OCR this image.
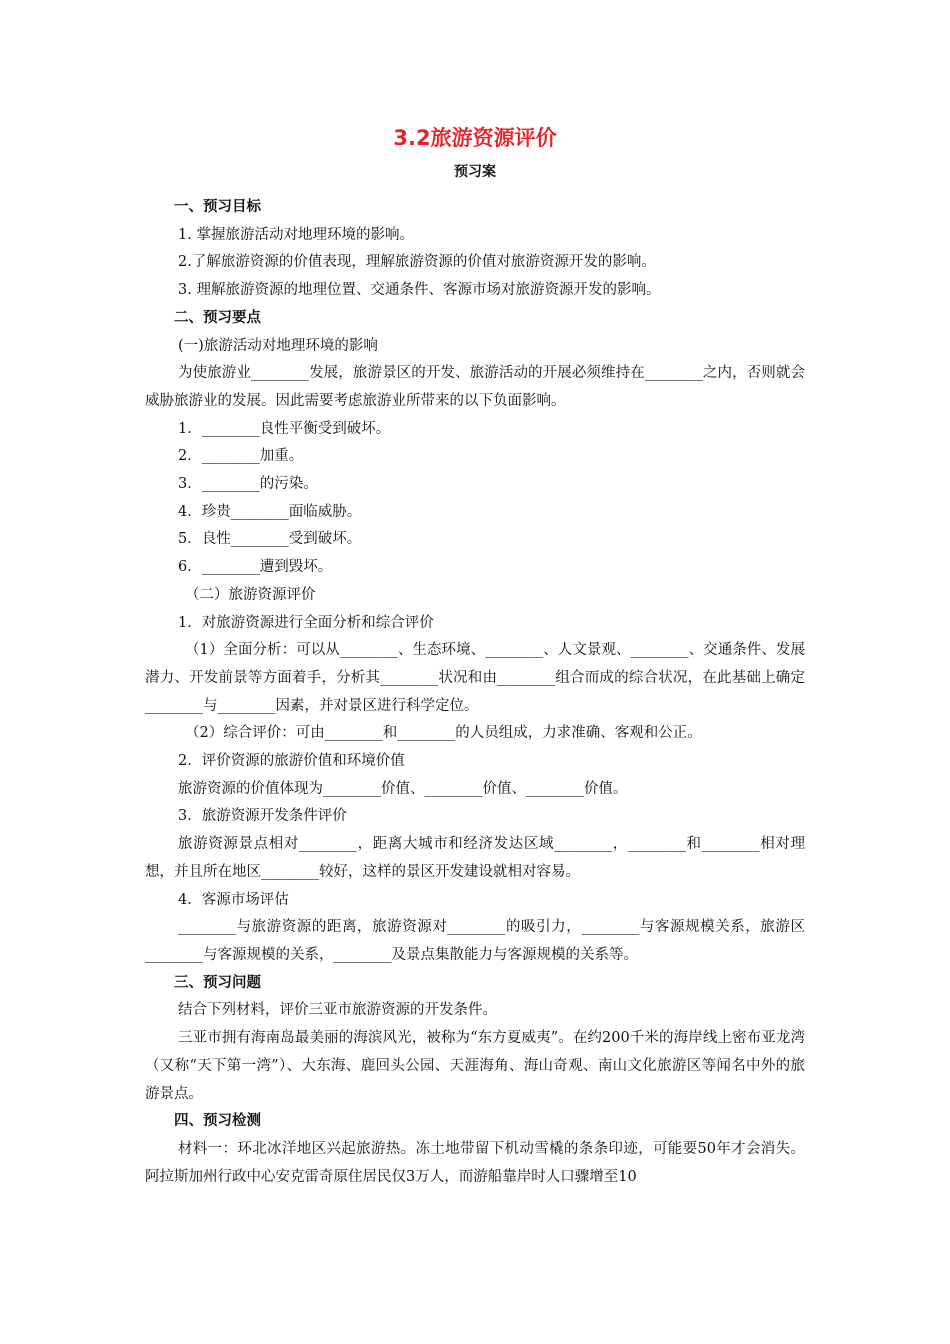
3.2旅游资源评价
预习案

一、预习目标

1. 掌握旅游活动对地理环境的影响。

2.了解旅游资源的价值表现，理解旅游资源的价值对旅游资源开发的影响。

3. 理解旅游资源的地理位置、交通条件、客源市场对旅游资源开发的影响。

二、预习要点

(一)旅游活动对地理环境的影响

为使旅游业________发展，旅游景区的开发、旅游活动的开展必须维持在________之内，否则就会威胁旅游业的发展。因此需要考虑旅游业所带来的以下负面影响。

1．________良性平衡受到破坏。

2．________加重。

3．________的污染。

4．珍贵________面临威胁。

5．良性________受到破坏。

6．________遭到毁坏。

（二）旅游资源评价

1．对旅游资源进行全面分析和综合评价

（1）全面分析：可以从________、生态环境、________、人文景观、________、交通条件、发展潜力、开发前景等方面着手，分析其________状况和由________组合而成的综合状况，在此基础上确定________与________因素，并对景区进行科学定位。

（2）综合评价：可由________和________的人员组成，力求准确、客观和公正。

2．评价资源的旅游价值和环境价值

旅游资源的价值体现为________价值、________价值、________价值。

3．旅游资源开发条件评价

旅游资源景点相对________，距离大城市和经济发达区域________，________和________相对理想，并且所在地区________较好，这样的景区开发建设就相对容易。

4．客源市场评估

________与旅游资源的距离，旅游资源对________的吸引力，________与客源规模关系，旅游区________与客源规模的关系，________及景点集散能力与客源规模的关系等。

三、预习问题

结合下列材料，评价三亚市旅游资源的开发条件。

三亚市拥有海南岛最美丽的海滨风光，被称为“东方夏威夷”。在约200千米的海岸线上密布亚龙湾（又称“天下第一湾”）、大东海、鹿回头公园、天涯海角、海山奇观、南山文化旅游区等闻名中外的旅游景点。

四、预习检测

材料一：环北冰洋地区兴起旅游热。冻土地带留下机动雪橇的条条印迹，可能要50年才会消失。阿拉斯加州行政中心安克雷奇原住居民仅3万人，而游船靠岸时人口骤增至10
